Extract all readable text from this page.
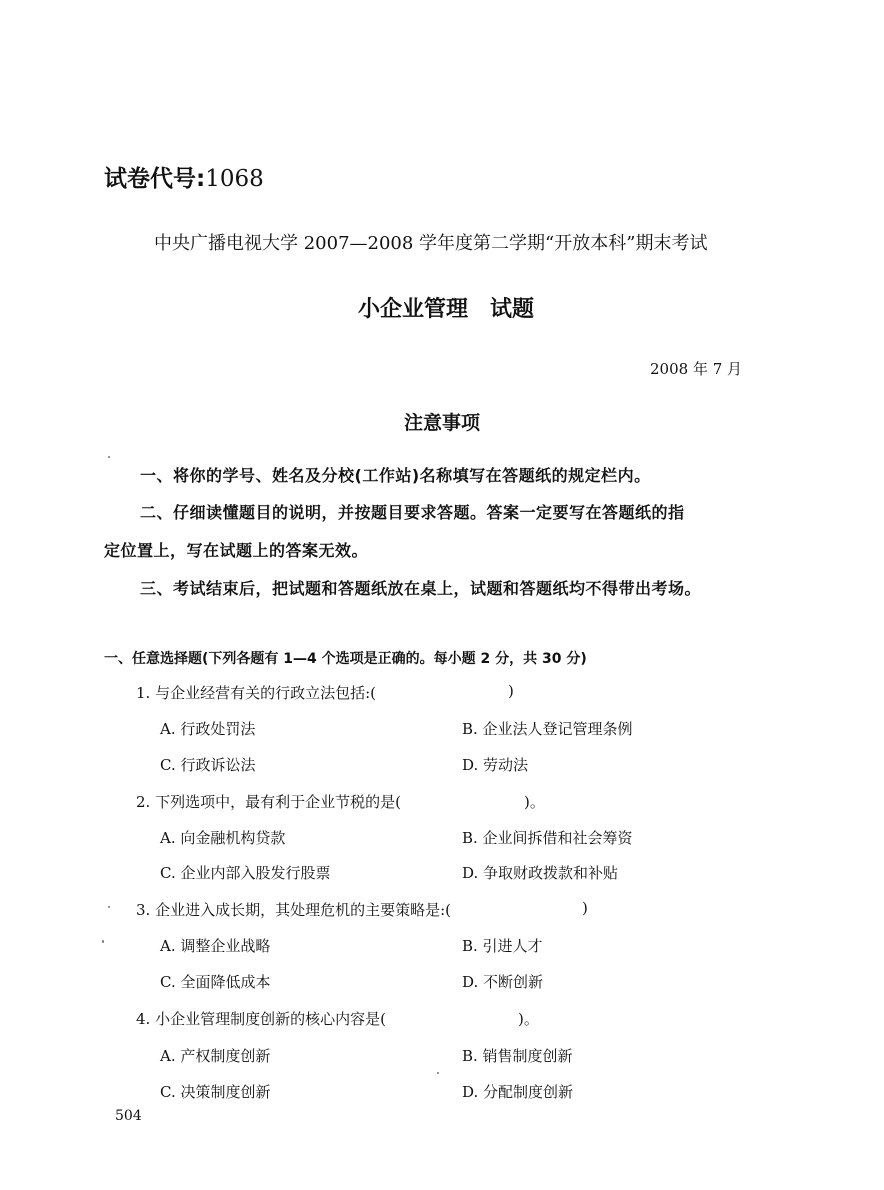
试卷代号:1068
中央广播电视大学 2007—2008 学年度第二学期“开放本科”期末考试
小企业管理　试题
2008 年 7 月
注意事项
一、将你的学号、姓名及分校(工作站)名称填写在答题纸的规定栏内。
二、仔细读懂题目的说明，并按题目要求答题。答案一定要写在答题纸的指
定位置上，写在试题上的答案无效。
三、考试结束后，把试题和答题纸放在桌上，试题和答题纸均不得带出考场。
一、任意选择题(下列各题有 1—4 个选项是正确的。每小题 2 分，共 30 分)
1. 与企业经营有关的行政立法包括:(	)
A. 行政处罚法	B. 企业法人登记管理条例
C. 行政诉讼法	D. 劳动法
2. 下列选项中，最有利于企业节税的是(	)。
A. 向金融机构贷款	B. 企业间拆借和社会筹资
C. 企业内部入股发行股票	D. 争取财政拨款和补贴
3. 企业进入成长期，其处理危机的主要策略是:(	)
A. 调整企业战略	B. 引进人才
C. 全面降低成本	D. 不断创新
4. 小企业管理制度创新的核心内容是(	)。
A. 产权制度创新	B. 销售制度创新
C. 决策制度创新	D. 分配制度创新
504
